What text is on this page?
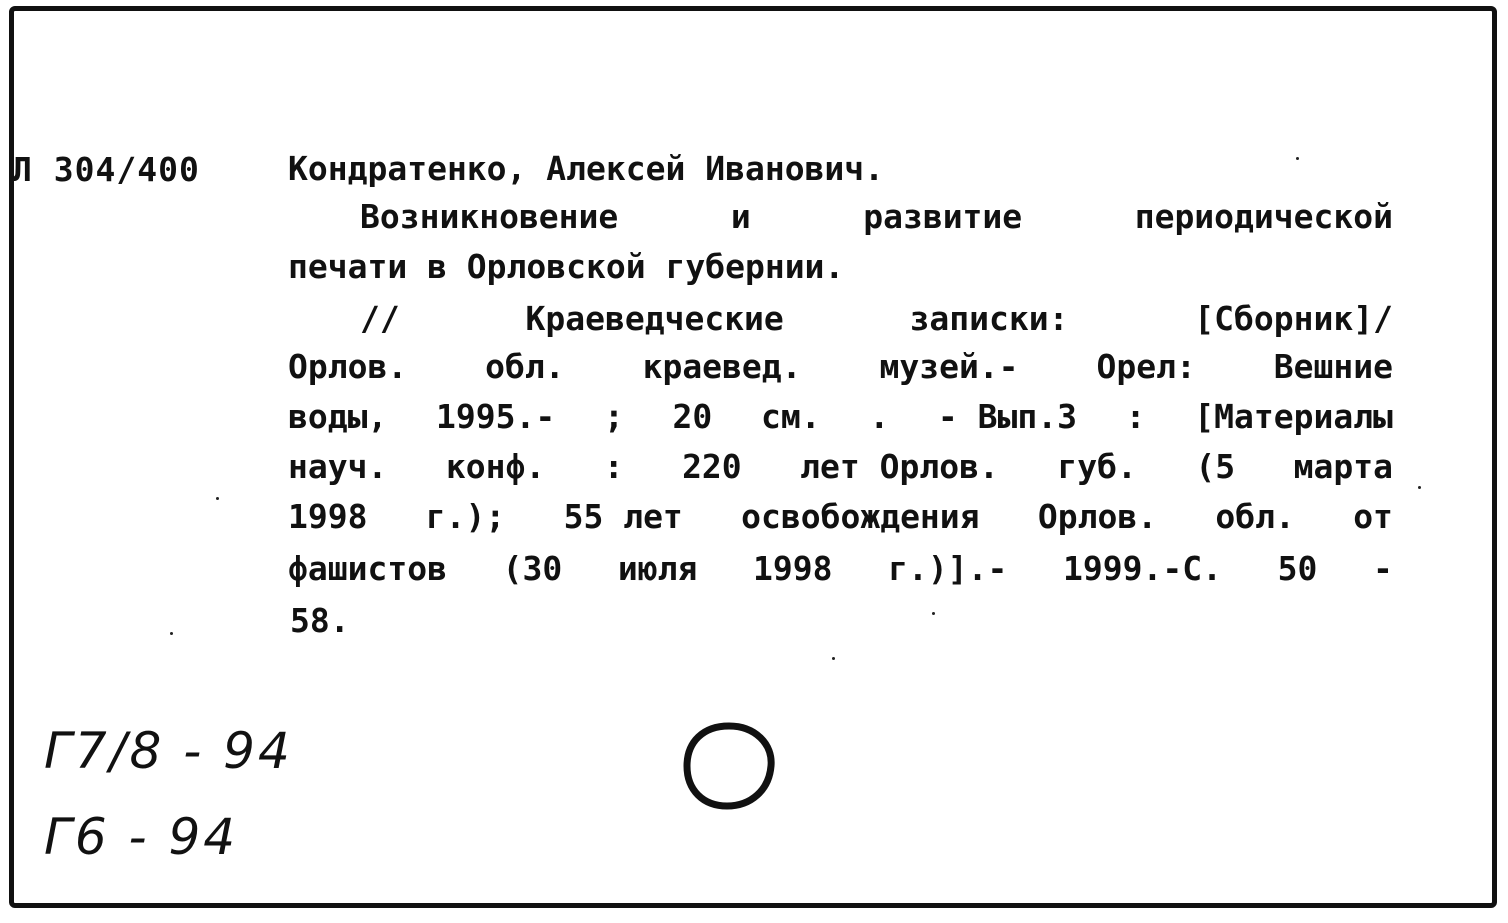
Л 304/400	Кондратенко, Алексей Иванович.
Возникновение	и	развитие	периодической
печати в Орловской губернии.
//	Краеведческие	записки:	[Сборник]/
Орлов. обл. краевед. музей.- Орел: Вешние
воды, 1995.- ; 20 см. . - Вып.3 : [Материалы
науч. конф. : 220 лет Орлов. губ. (5 марта
1998 г.); 55 лет освобождения Орлов. обл. от
фашистов (30 июля 1998 г.)].- 1999.-С. 50 -
58.
Г7/8 - 94
Г6 - 94
